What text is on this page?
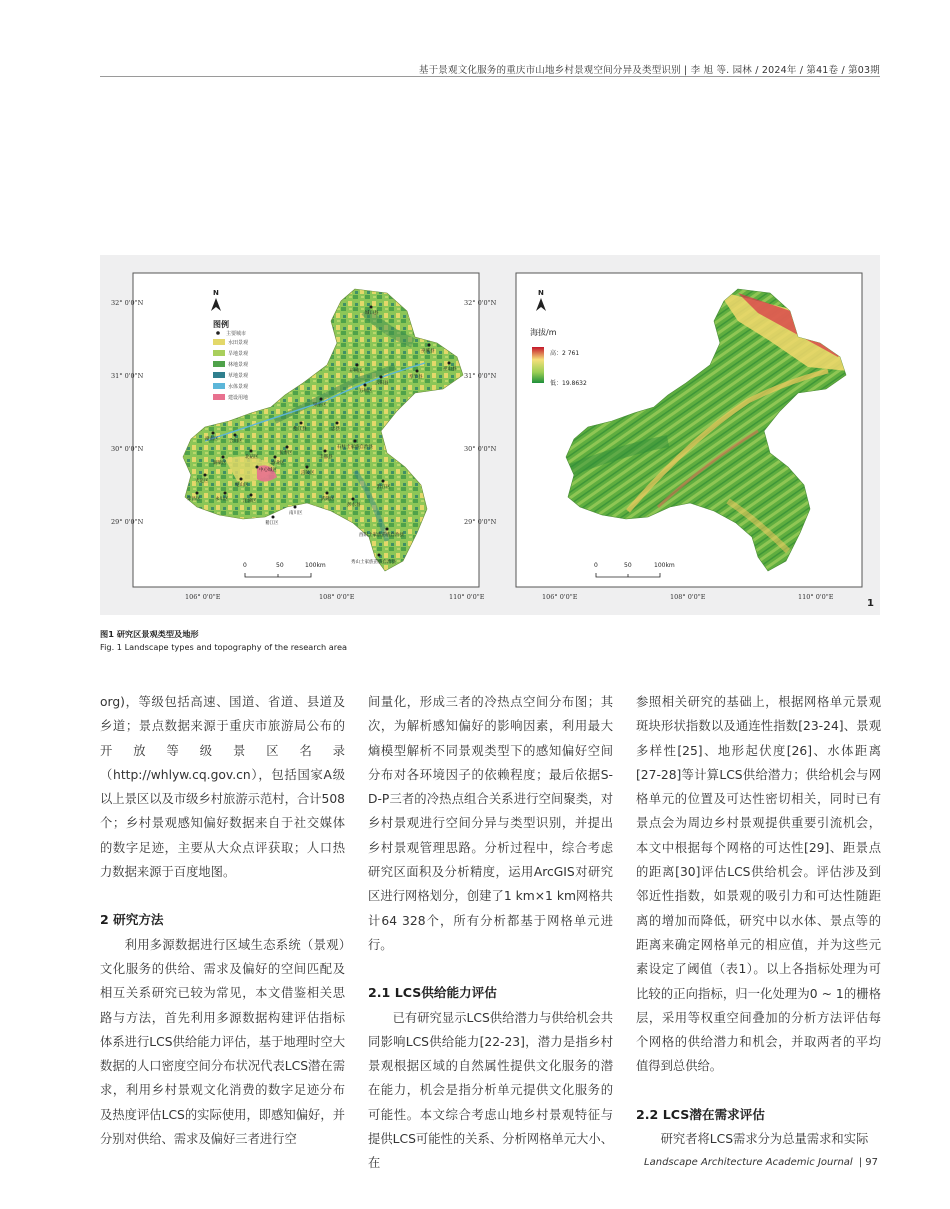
基于景观文化服务的重庆市山地乡村景观空间分异及类型识别 | 李 旭 等. 园林 / 2024年 / 第41卷 / 第03期
32° 0'0"N
31° 0'0"N
30° 0'0"N
29° 0'0"N
106° 0'0"E	108° 0'0"E	110° 0'0"E
N
图例
主要城市
水田景观
旱地景观
林地景观
草地景观
水体景观
建设用地
城口县
巫溪县
巫山县
奉节县
开州区
云阳县
万州区
梁平区
垫江县	忠县
长寿区
丰都县
石柱土家族自治县
潼南区 合川区
铜梁区
北碚区
渝北区
大足区
璧山区
荣昌区	永川区	江津区
涪陵区
武隆区
彭水县
黔江区
綦江区
南川区
酉阳土家族苗族自治县
秀山土家族苗族自治县
中心城区
0	50	100km
32° 0'0"N
31° 0'0"N
30° 0'0"N
29° 0'0"N
106° 0'0"E	108° 0'0"E	110° 0'0"E
N
海拔/m
高：2 761
低：19.8632
0	50	100km
1
图1 研究区景观类型及地形
Fig. 1 Landscape types and topography of the research area

org)，等级包括高速、国道、省道、县道及乡道；景点数据来源于重庆市旅游局公布的开放等级景区名录（http://whlyw.cq.gov.cn），包括国家A级以上景区以及市级乡村旅游示范村，合计508个；乡村景观感知偏好数据来自于社交媒体的数字足迹，主要从大众点评获取；人口热力数据来源于百度地图。

2 研究方法

利用多源数据进行区域生态系统（景观）文化服务的供给、需求及偏好的空间匹配及相互关系研究已较为常见，本文借鉴相关思路与方法，首先利用多源数据构建评估指标体系进行LCS供给能力评估，基于地理时空大数据的人口密度空间分布状况代表LCS潜在需求，利用乡村景观文化消费的数字足迹分布及热度评估LCS的实际使用，即感知偏好，并分别对供给、需求及偏好三者进行空

间量化，形成三者的冷热点空间分布图；其次，为解析感知偏好的影响因素，利用最大熵模型解析不同景观类型下的感知偏好空间分布对各环境因子的依赖程度；最后依据S-D-P三者的冷热点组合关系进行空间聚类，对乡村景观进行空间分异与类型识别，并提出乡村景观管理思路。分析过程中，综合考虑研究区面积及分析精度，运用ArcGIS对研究区进行网格划分，创建了1 km×1 km网格共计64 328个，所有分析都基于网格单元进行。

2.1 LCS供给能力评估

已有研究显示LCS供给潜力与供给机会共同影响LCS供给能力[22-23]，潜力是指乡村景观根据区域的自然属性提供文化服务的潜在能力，机会是指分析单元提供文化服务的可能性。本文综合考虑山地乡村景观特征与提供LCS可能性的关系、分析网格单元大小、在

参照相关研究的基础上，根据网格单元景观斑块形状指数以及通连性指数[23-24]、景观多样性[25]、地形起伏度[26]、水体距离[27-28]等计算LCS供给潜力；供给机会与网格单元的位置及可达性密切相关，同时已有景点会为周边乡村景观提供重要引流机会，本文中根据每个网格的可达性[29]、距景点的距离[30]评估LCS供给机会。评估涉及到邻近性指数，如景观的吸引力和可达性随距离的增加而降低，研究中以水体、景点等的距离来确定网格单元的相应值，并为这些元素设定了阈值（表1）。以上各指标处理为可比较的正向指标，归一化处理为0 ~ 1的栅格层，采用等权重空间叠加的分析方法评估每个网格的供给潜力和机会，并取两者的平均值得到总供给。

2.2 LCS潜在需求评估

研究者将LCS需求分为总量需求和实际

Landscape Architecture Academic Journal | 97
